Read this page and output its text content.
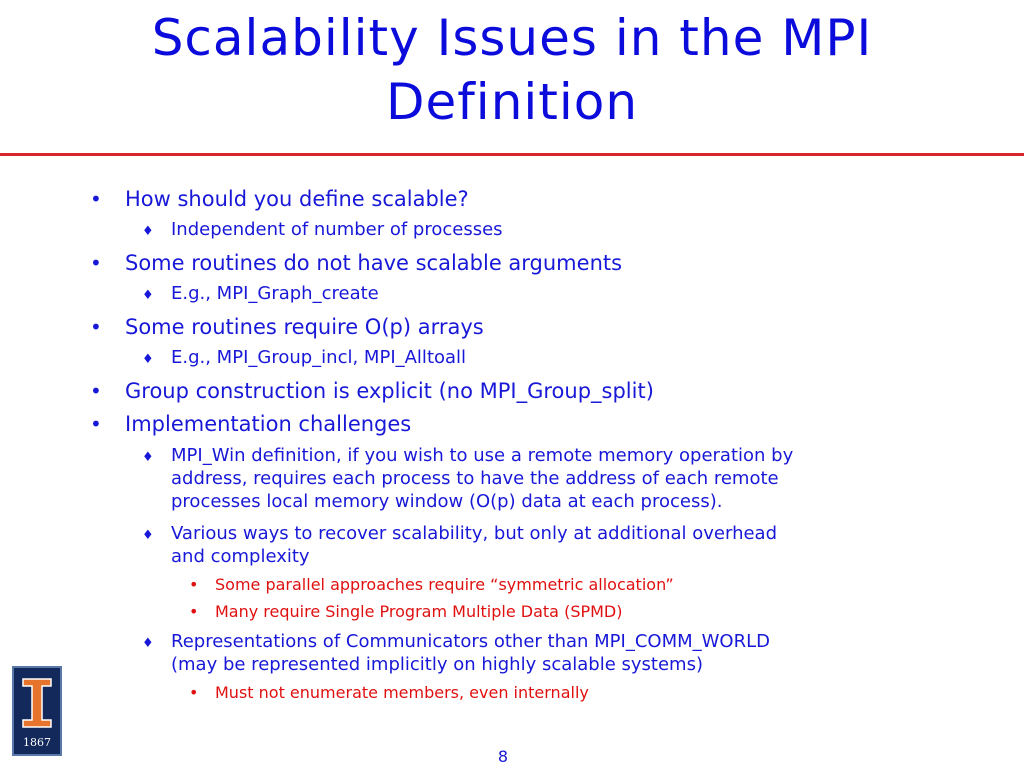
Scalability Issues in the MPI
Definition
• How should you define scalable?
♦ Independent of number of processes
• Some routines do not have scalable arguments
♦ E.g., MPI_Graph_create
• Some routines require O(p) arrays
♦ E.g., MPI_Group_incl, MPI_Alltoall
• Group construction is explicit (no MPI_Group_split)
• Implementation challenges
♦ MPI_Win definition, if you wish to use a remote memory operation by
address, requires each process to have the address of each remote
processes local memory window (O(p) data at each process).
♦ Various ways to recover scalability, but only at additional overhead
and complexity
• Some parallel approaches require “symmetric allocation”
• Many require Single Program Multiple Data (SPMD)
♦ Representations of Communicators other than MPI_COMM_WORLD
(may be represented implicitly on highly scalable systems)
• Must not enumerate members, even internally
1867
8
